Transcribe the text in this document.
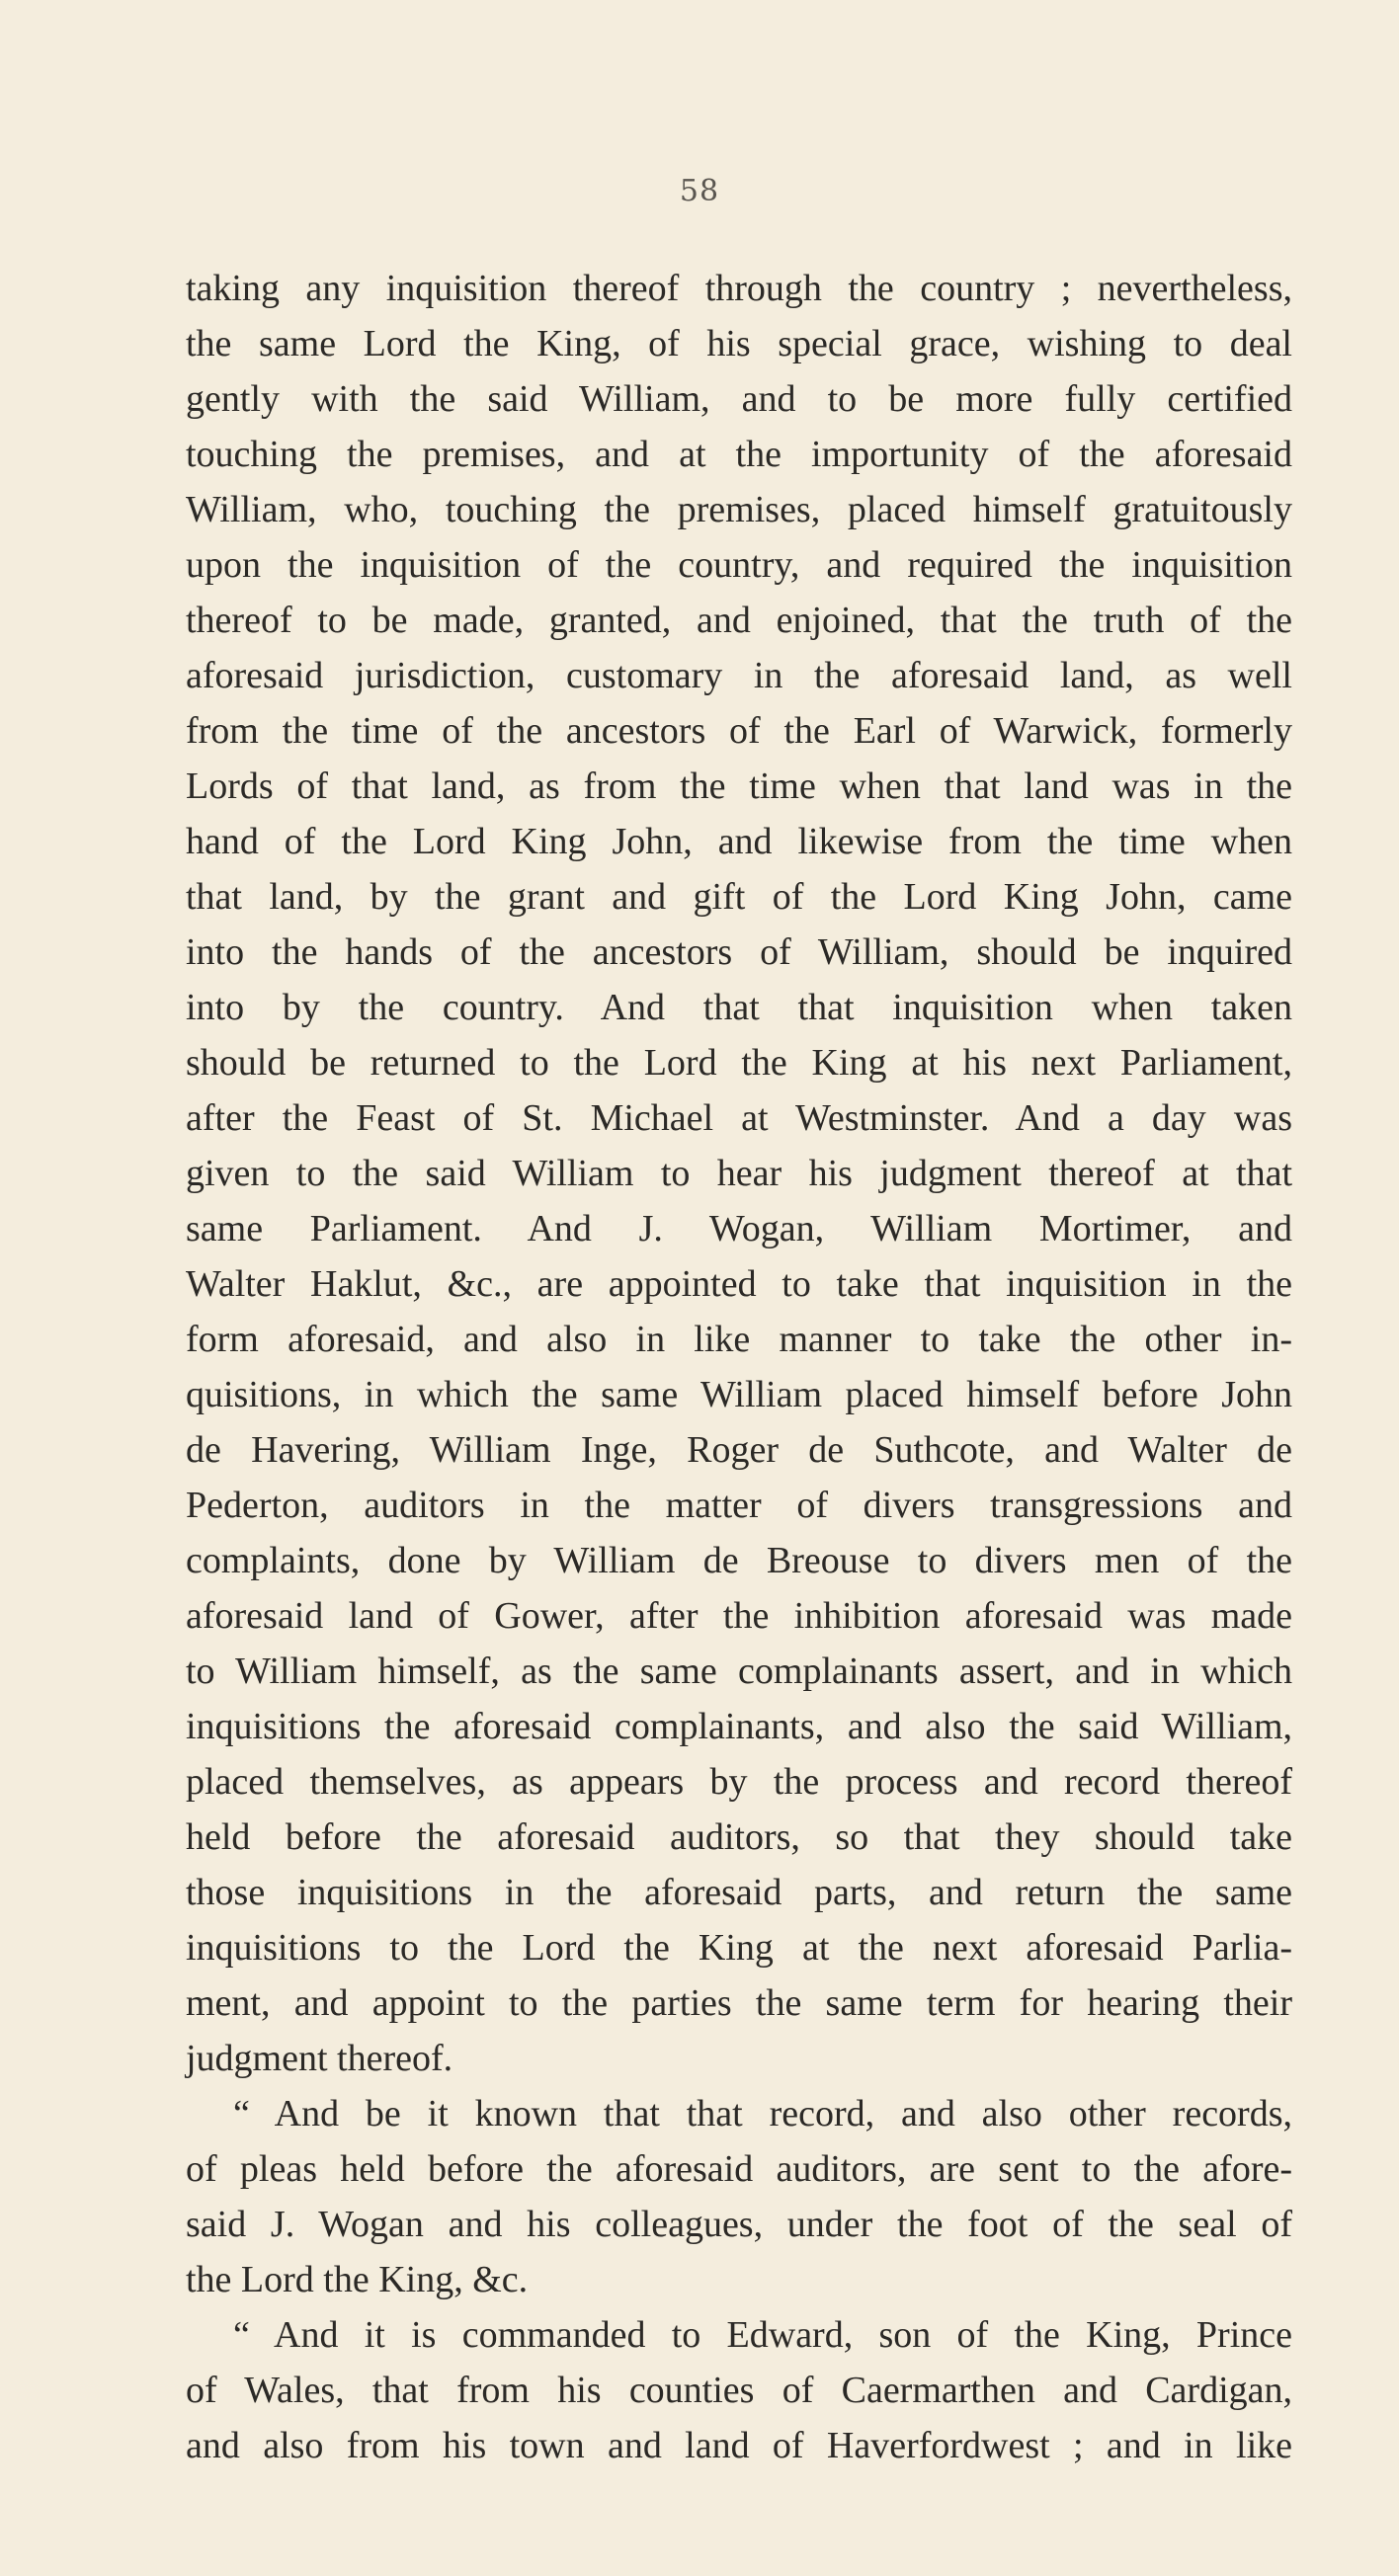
58
taking any inquisition thereof through the country ; nevertheless,
the same Lord the King, of his special grace, wishing to deal
gently with the said William, and to be more fully certified
touching the premises, and at the importunity of the aforesaid
William, who, touching the premises, placed himself gratuitously
upon the inquisition of the country, and required the inquisition
thereof to be made, granted, and enjoined, that the truth of the
aforesaid jurisdiction, customary in the aforesaid land, as well
from the time of the ancestors of the Earl of Warwick, formerly
Lords of that land, as from the time when that land was in the
hand of the Lord King John, and likewise from the time when
that land, by the grant and gift of the Lord King John, came
into the hands of the ancestors of William, should be inquired
into by the country. And that that inquisition when taken
should be returned to the Lord the King at his next Parliament,
after the Feast of St. Michael at Westminster. And a day was
given to the said William to hear his judgment thereof at that
same Parliament. And J. Wogan, William Mortimer, and
Walter Haklut, &c., are appointed to take that inquisition in the
form aforesaid, and also in like manner to take the other in-
quisitions, in which the same William placed himself before John
de Havering, William Inge, Roger de Suthcote, and Walter de
Pederton, auditors in the matter of divers transgressions and
complaints, done by William de Breouse to divers men of the
aforesaid land of Gower, after the inhibition aforesaid was made
to William himself, as the same complainants assert, and in which
inquisitions the aforesaid complainants, and also the said William,
placed themselves, as appears by the process and record thereof
held before the aforesaid auditors, so that they should take
those inquisitions in the aforesaid parts, and return the same
inquisitions to the Lord the King at the next aforesaid Parlia-
ment, and appoint to the parties the same term for hearing their
judgment thereof.
“ And be it known that that record, and also other records,
of pleas held before the aforesaid auditors, are sent to the afore-
said J. Wogan and his colleagues, under the foot of the seal of
the Lord the King, &c.
“ And it is commanded to Edward, son of the King, Prince
of Wales, that from his counties of Caermarthen and Cardigan,
and also from his town and land of Haverfordwest ; and in like
